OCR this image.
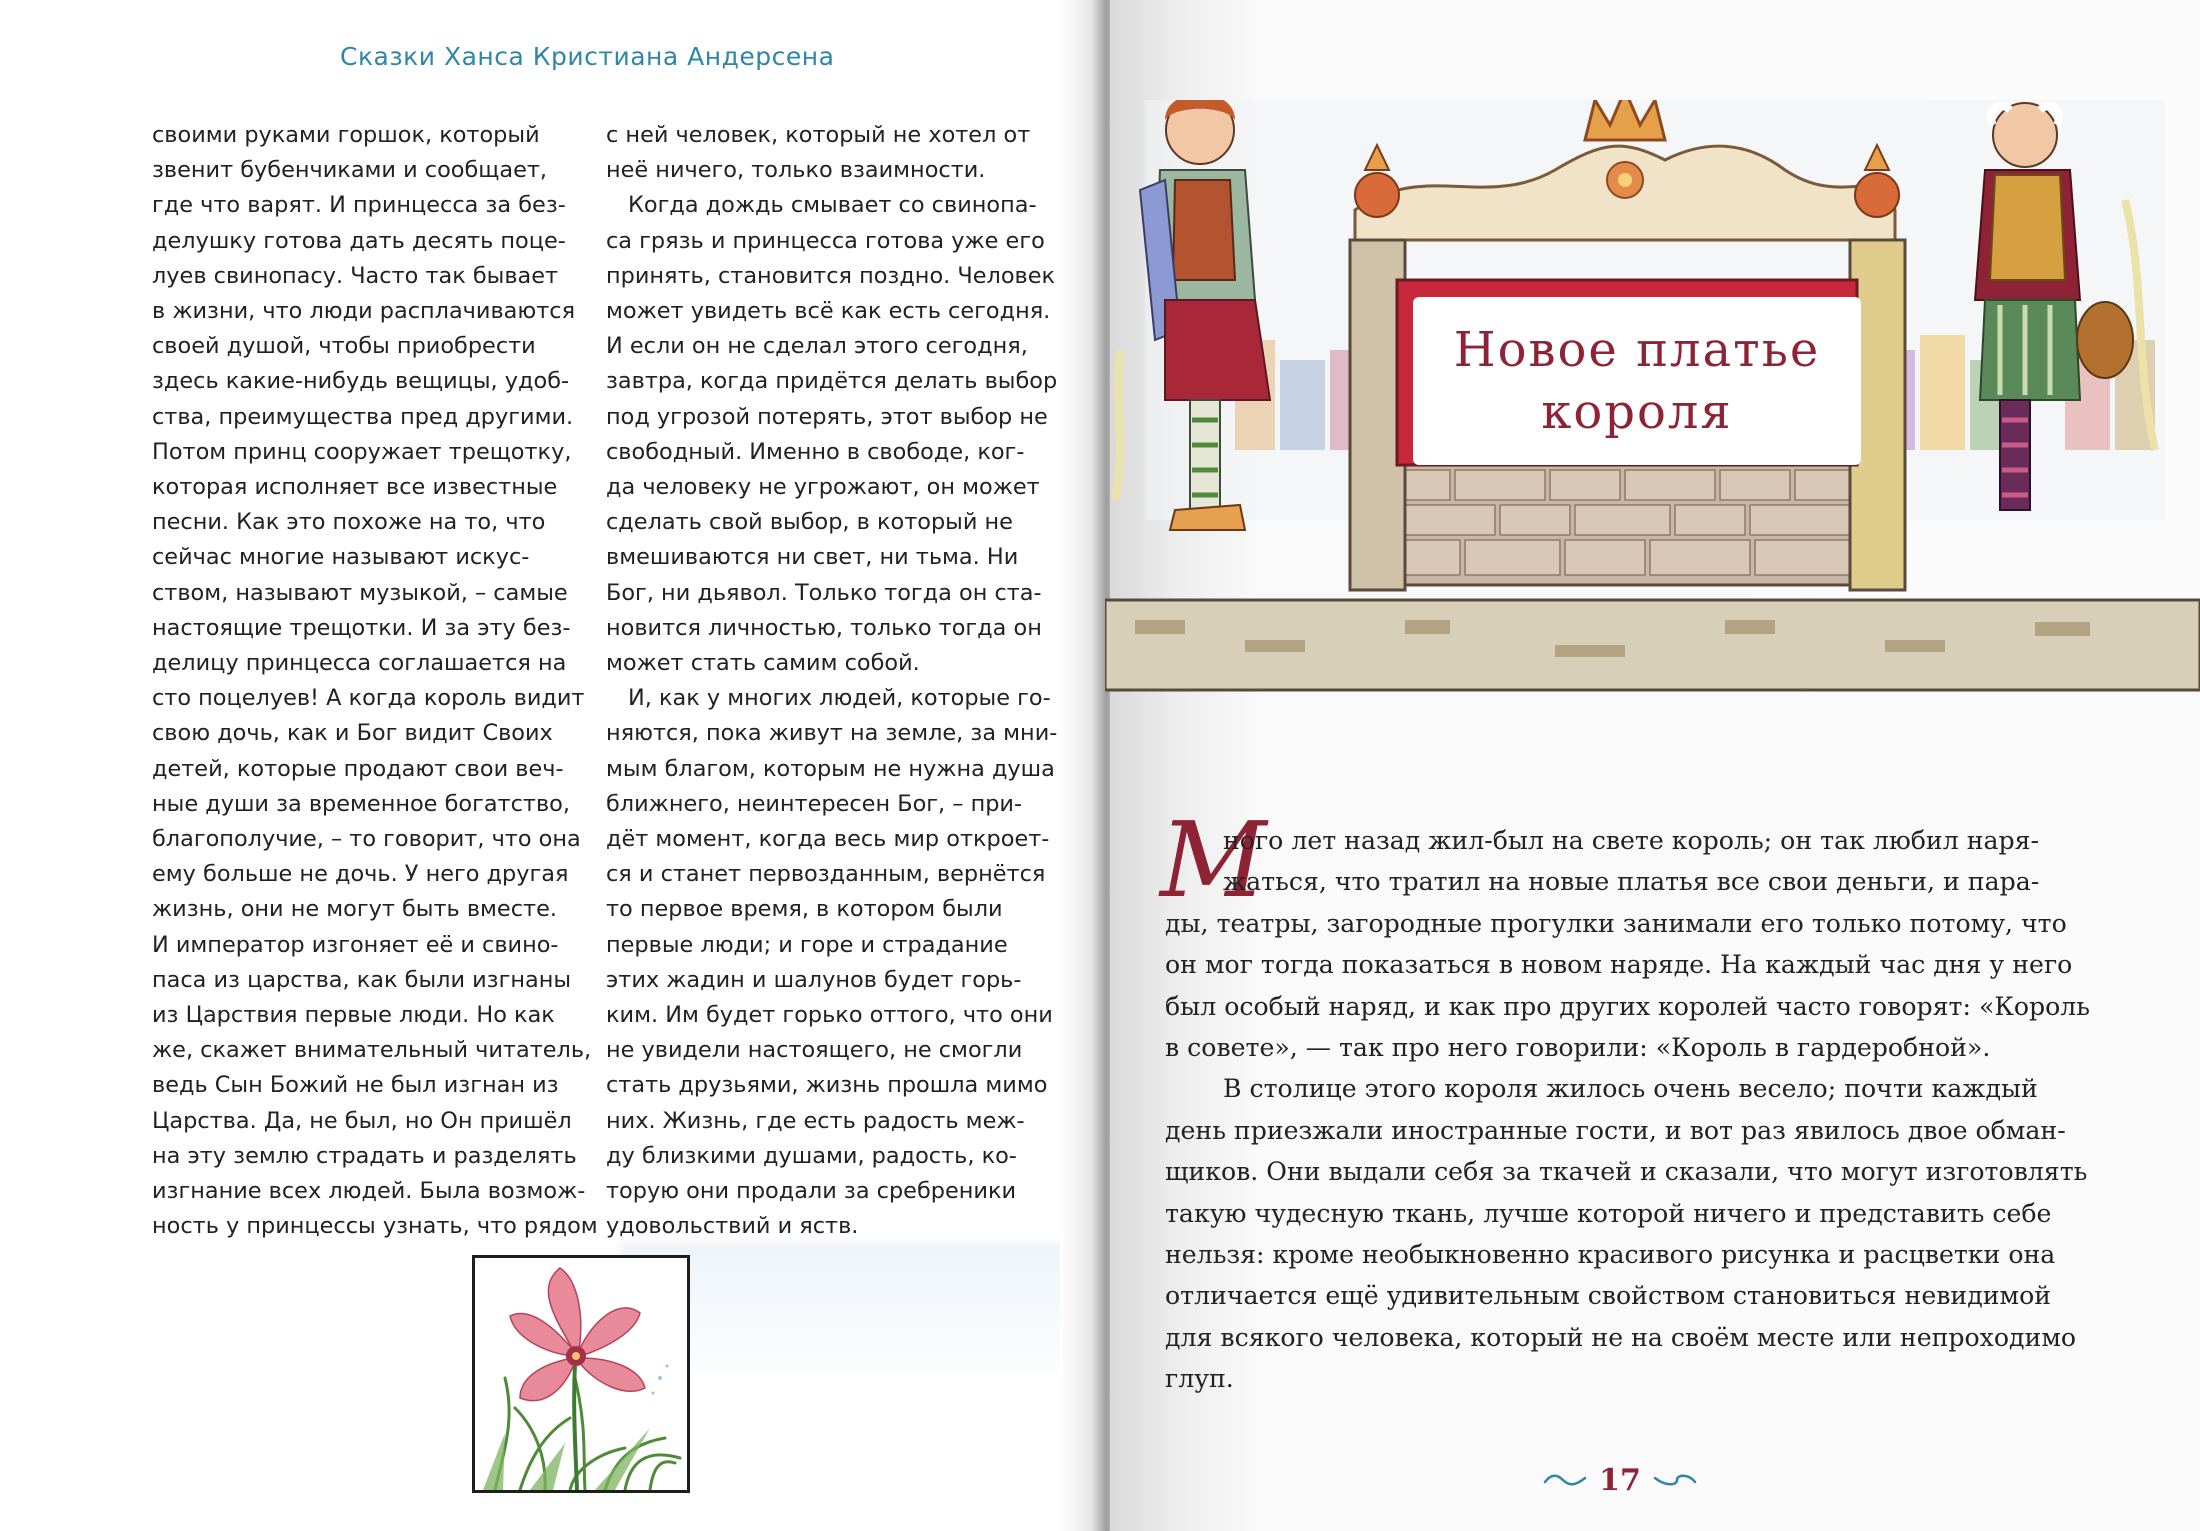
Сказки Ханса Кристиана Андерсена
своими руками горшок, который
звенит бубенчиками и сообщает,
где что варят. И принцесса за без-
делушку готова дать десять поце-
луев свинопасу. Часто так бывает
в жизни, что люди расплачиваются
своей душой, чтобы приобрести
здесь какие-нибудь вещицы, удоб-
ства, преимущества пред другими.
Потом принц сооружает трещотку,
которая исполняет все известные
песни. Как это похоже на то, что
сейчас многие называют искус-
ством, называют музыкой, – самые
настоящие трещотки. И за эту без-
делицу принцесса соглашается на
сто поцелуев! А когда король видит
свою дочь, как и Бог видит Своих
детей, которые продают свои веч-
ные души за временное богатство,
благополучие, – то говорит, что она
ему больше не дочь. У него другая
жизнь, они не могут быть вместе.
И император изгоняет её и свино-
паса из царства, как были изгнаны
из Царствия первые люди. Но как
же, скажет внимательный читатель,
ведь Сын Божий не был изгнан из
Царства. Да, не был, но Он пришёл
на эту землю страдать и разделять
изгнание всех людей. Была возмож-
ность у принцессы узнать, что рядом
с ней человек, который не хотел от
неё ничего, только взаимности.
Когда дождь смывает со свинопа-
са грязь и принцесса готова уже его
принять, становится поздно. Человек
может увидеть всё как есть сегодня.
И если он не сделал этого сегодня,
завтра, когда придётся делать выбор
под угрозой потерять, этот выбор не
свободный. Именно в свободе, ког-
да человеку не угрожают, он может
сделать свой выбор, в который не
вмешиваются ни свет, ни тьма. Ни
Бог, ни дьявол. Только тогда он ста-
новится личностью, только тогда он
может стать самим собой.
И, как у многих людей, которые го-
няются, пока живут на земле, за мни-
мым благом, которым не нужна душа
ближнего, неинтересен Бог, – при-
дёт момент, когда весь мир откроет-
ся и станет первозданным, вернётся
то первое время, в котором были
первые люди; и горе и страдание
этих жадин и шалунов будет горь-
ким. Им будет горько оттого, что они
не увидели настоящего, не смогли
стать друзьями, жизнь прошла мимо
них. Жизнь, где есть радость меж-
ду близкими душами, радость, ко-
торую они продали за сребреники
удовольствий и яств.
Новое платье
короля
М
ного лет назад жил-был на свете король; он так любил наря-
жаться, что тратил на новые платья все свои деньги, и пара-
ды, театры, загородные прогулки занимали его только потому, что
он мог тогда показаться в новом наряде. На каждый час дня у него
был особый наряд, и как про других королей часто говорят: «Король
в совете», — так про него говорили: «Король в гардеробной».
В столице этого короля жилось очень весело; почти каждый
день приезжали иностранные гости, и вот раз явилось двое обман-
щиков. Они выдали себя за ткачей и сказали, что могут изготовлять
такую чудесную ткань, лучше которой ничего и представить себе
нельзя: кроме необыкновенно красивого рисунка и расцветки она
отличается ещё удивительным свойством становиться невидимой
для всякого человека, который не на своём месте или непроходимо
глуп.
17
